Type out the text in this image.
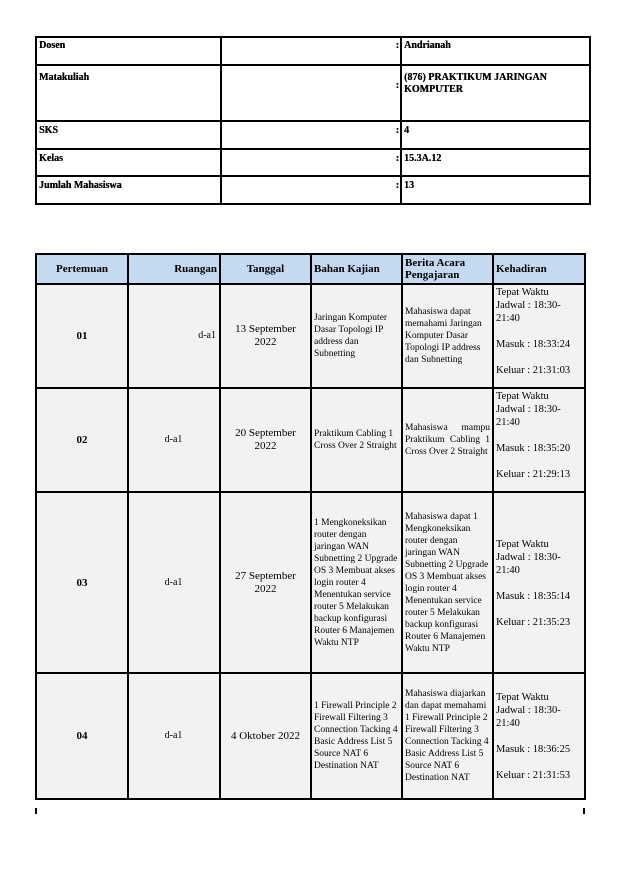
Dosen	:	Andrianah
Matakuliah	:	(876) PRAKTIKUM JARINGAN KOMPUTER
SKS	:	4
Kelas	:	15.3A.12
Jumlah Mahasiswa	:	13
Pertemuan	Ruangan	Tanggal	Bahan Kajian	Berita Acara Pengajaran	Kehadiran
01	d-a1	13 September 2022	Jaringan Komputer Dasar Topologi IP address dan Subnetting	Mahasiswa dapat memahami Jaringan Komputer Dasar Topologi IP address dan Subnetting	Tepat Waktu
Jadwal : 18:30-21:40
Masuk : 18:33:24
Keluar : 21:31:03

02	d-a1	20 September 2022	Praktikum Cabling 1 Cross Over 2 Straight	Mahasiswa mampu Praktikum Cabling 1 Cross Over 2 Straight	Tepat Waktu
Jadwal : 18:30-21:40
Masuk : 18:35:20
Keluar : 21:29:13

03	d-a1	27 September 2022	1 Mengkoneksikan router dengan jaringan WAN Subnetting 2 Upgrade OS 3 Membuat akses login router 4 Menentukan service router 5 Melakukan backup konfigurasi Router 6 Manajemen Waktu NTP	Mahasiswa dapat 1 Mengkoneksikan router dengan jaringan WAN Subnetting 2 Upgrade OS 3 Membuat akses login router 4 Menentukan service router 5 Melakukan backup konfigurasi Router 6 Manajemen Waktu NTP	Tepat Waktu
Jadwal : 18:30-21:40
Masuk : 18:35:14
Keluar : 21:35:23

04	d-a1	4 Oktober 2022	1 Firewall Principle 2 Firewall Filtering 3 Connection Tacking 4 Basic Address List 5 Source NAT 6 Destination NAT	Mahasiswa diajarkan dan dapat memahami 1 Firewall Principle 2 Firewall Filtering 3 Connection Tacking 4 Basic Address List 5 Source NAT 6 Destination NAT	Tepat Waktu
Jadwal : 18:30-21:40
Masuk : 18:36:25
Keluar : 21:31:53
